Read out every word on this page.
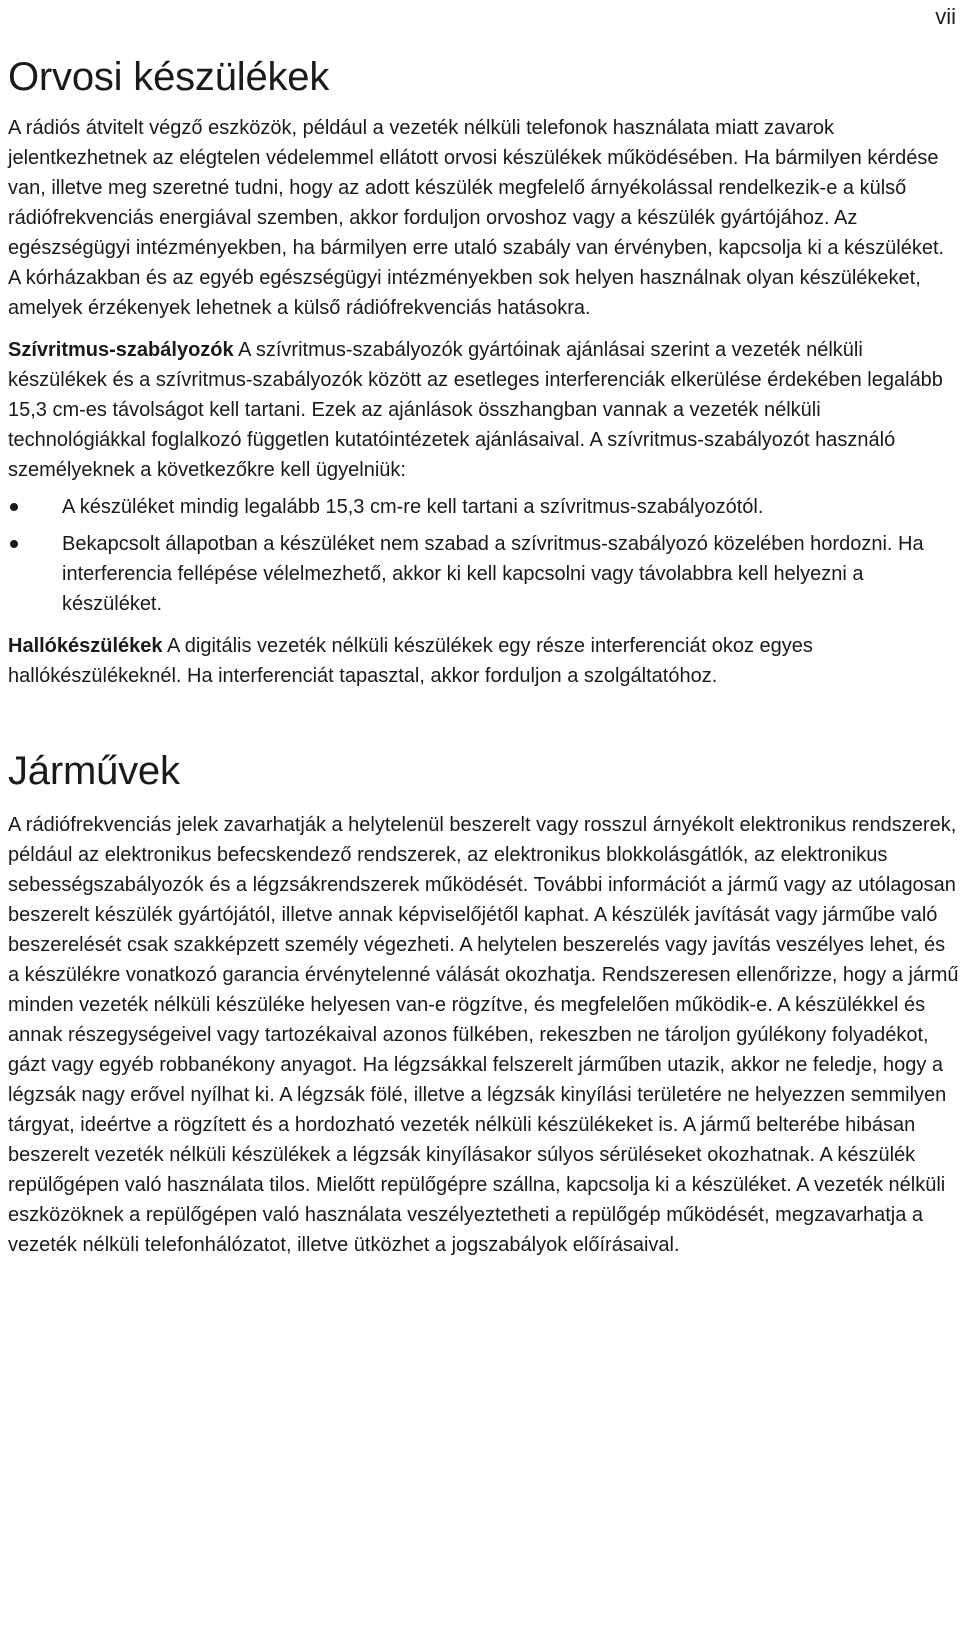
vii
Orvosi készülékek

A rádiós átvitelt végző eszközök, például a vezeték nélküli telefonok használata miatt zavarok jelentkezhetnek az elégtelen védelemmel ellátott orvosi készülékek működésében. Ha bármilyen kérdése van, illetve meg szeretné tudni, hogy az adott készülék megfelelő árnyékolással rendelkezik-e a külső rádiófrekvenciás energiával szemben, akkor forduljon orvoshoz vagy a készülék gyártójához. Az egészségügyi intézményekben, ha bármilyen erre utaló szabály van érvényben, kapcsolja ki a készüléket. A kórházakban és az egyéb egészségügyi intézményekben sok helyen használnak olyan készülékeket, amelyek érzékenyek lehetnek a külső rádiófrekvenciás hatásokra.

Szívritmus-szabályozók A szívritmus-szabályozók gyártóinak ajánlásai szerint a vezeték nélküli készülékek és a szívritmus-szabályozók között az esetleges interferenciák elkerülése érdekében legalább 15,3 cm-es távolságot kell tartani. Ezek az ajánlások összhangban vannak a vezeték nélküli technológiákkal foglalkozó független kutatóintézetek ajánlásaival. A szívritmus-szabályozót használó személyeknek a következőkre kell ügyelniük:

A készüléket mindig legalább 15,3 cm-re kell tartani a szívritmus-szabályozótól.
Bekapcsolt állapotban a készüléket nem szabad a szívritmus-szabályozó közelében hordozni. Ha interferencia fellépése vélelmezhető, akkor ki kell kapcsolni vagy távolabbra kell helyezni a készüléket.

Hallókészülékek A digitális vezeték nélküli készülékek egy része interferenciát okoz egyes hallókészülékeknél. Ha interferenciát tapasztal, akkor forduljon a szolgáltatóhoz.

Járművek

A rádiófrekvenciás jelek zavarhatják a helytelenül beszerelt vagy rosszul árnyékolt elektronikus rendszerek, például az elektronikus befecskendező rendszerek, az elektronikus blokkolásgátlók, az elektronikus sebességszabályozók és a légzsákrendszerek működését. További információt a jármű vagy az utólagosan beszerelt készülék gyártójától, illetve annak képviselőjétől kaphat. A készülék javítását vagy járműbe való beszerelését csak szakképzett személy végezheti. A helytelen beszerelés vagy javítás veszélyes lehet, és a készülékre vonatkozó garancia érvénytelenné válását okozhatja. Rendszeresen ellenőrizze, hogy a jármű minden vezeték nélküli készüléke helyesen van-e rögzítve, és megfelelően működik-e. A készülékkel és annak részegységeivel vagy tartozékaival azonos fülkében, rekeszben ne tároljon gyúlékony folyadékot, gázt vagy egyéb robbanékony anyagot. Ha légzsákkal felszerelt járműben utazik, akkor ne feledje, hogy a légzsák nagy erővel nyílhat ki. A légzsák fölé, illetve a légzsák kinyílási területére ne helyezzen semmilyen tárgyat, ideértve a rögzített és a hordozható vezeték nélküli készülékeket is. A jármű belterébe hibásan beszerelt vezeték nélküli készülékek a légzsák kinyílásakor súlyos sérüléseket okozhatnak. A készülék repülőgépen való használata tilos. Mielőtt repülőgépre szállna, kapcsolja ki a készüléket. A vezeték nélküli eszközöknek a repülőgépen való használata veszélyeztetheti a repülőgép működését, megzavarhatja a vezeték nélküli telefonhálózatot, illetve ütközhet a jogszabályok előírásaival.
